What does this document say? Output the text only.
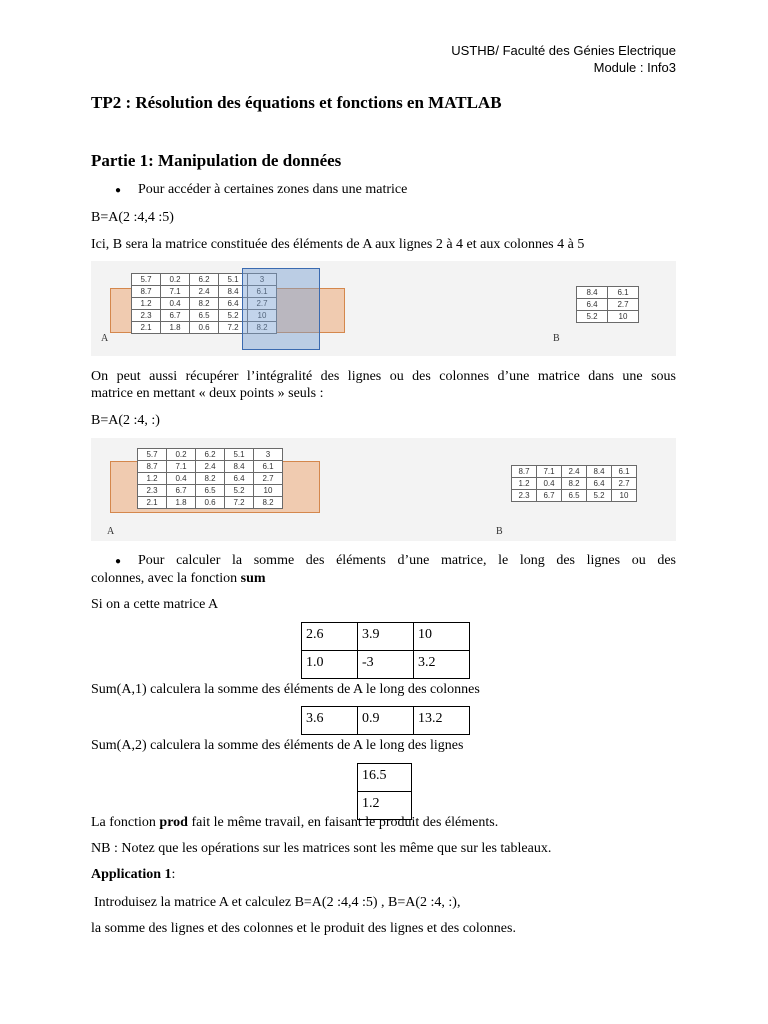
USTHB/ Faculté des Génies Electrique
Module : Info3
TP2 : Résolution des équations et fonctions en MATLAB
Partie 1: Manipulation de données
● Pour accéder à certaines zones dans une matrice
B=A(2 :4,4 :5)
Ici, B sera la matrice constituée des éléments de A aux lignes 2 à 4 et aux colonnes 4 à 5
5.7	0.2	6.2	5.1	3
8.7	7.1	2.4	8.4	6.1
1.2	0.4	8.2	6.4	2.7
2.3	6.7	6.5	5.2	10
2.1	1.8	0.6	7.2	8.2
A
8.4	6.1
6.4	2.7
5.2	10
B
On peut aussi récupérer l’intégralité des lignes ou des colonnes d’une matrice dans une sous
matrice en mettant « deux points » seuls :
B=A(2 :4, :)
5.7	0.2	6.2	5.1	3
8.7	7.1	2.4	8.4	6.1
1.2	0.4	8.2	6.4	2.7
2.3	6.7	6.5	5.2	10
2.1	1.8	0.6	7.2	8.2
A
8.7	7.1	2.4	8.4	6.1
1.2	0.4	8.2	6.4	2.7
2.3	6.7	6.5	5.2	10
B
● Pour calculer la somme des éléments d’une matrice, le long des lignes ou des
colonnes, avec la fonction sum
Si on a cette matrice A
2.6	3.9	10
1.0	-3	3.2
Sum(A,1) calculera la somme des éléments de A le long des colonnes
3.6	0.9	13.2
Sum(A,2) calculera la somme des éléments de A le long des lignes
16.5
1.2
La fonction prod fait le même travail, en faisant le produit des éléments.
NB : Notez que les opérations sur les matrices sont les même que sur les tableaux.
Application 1:
Introduisez la matrice A et calculez B=A(2 :4,4 :5) , B=A(2 :4, :),
la somme des lignes et des colonnes et le produit des lignes et des colonnes.
